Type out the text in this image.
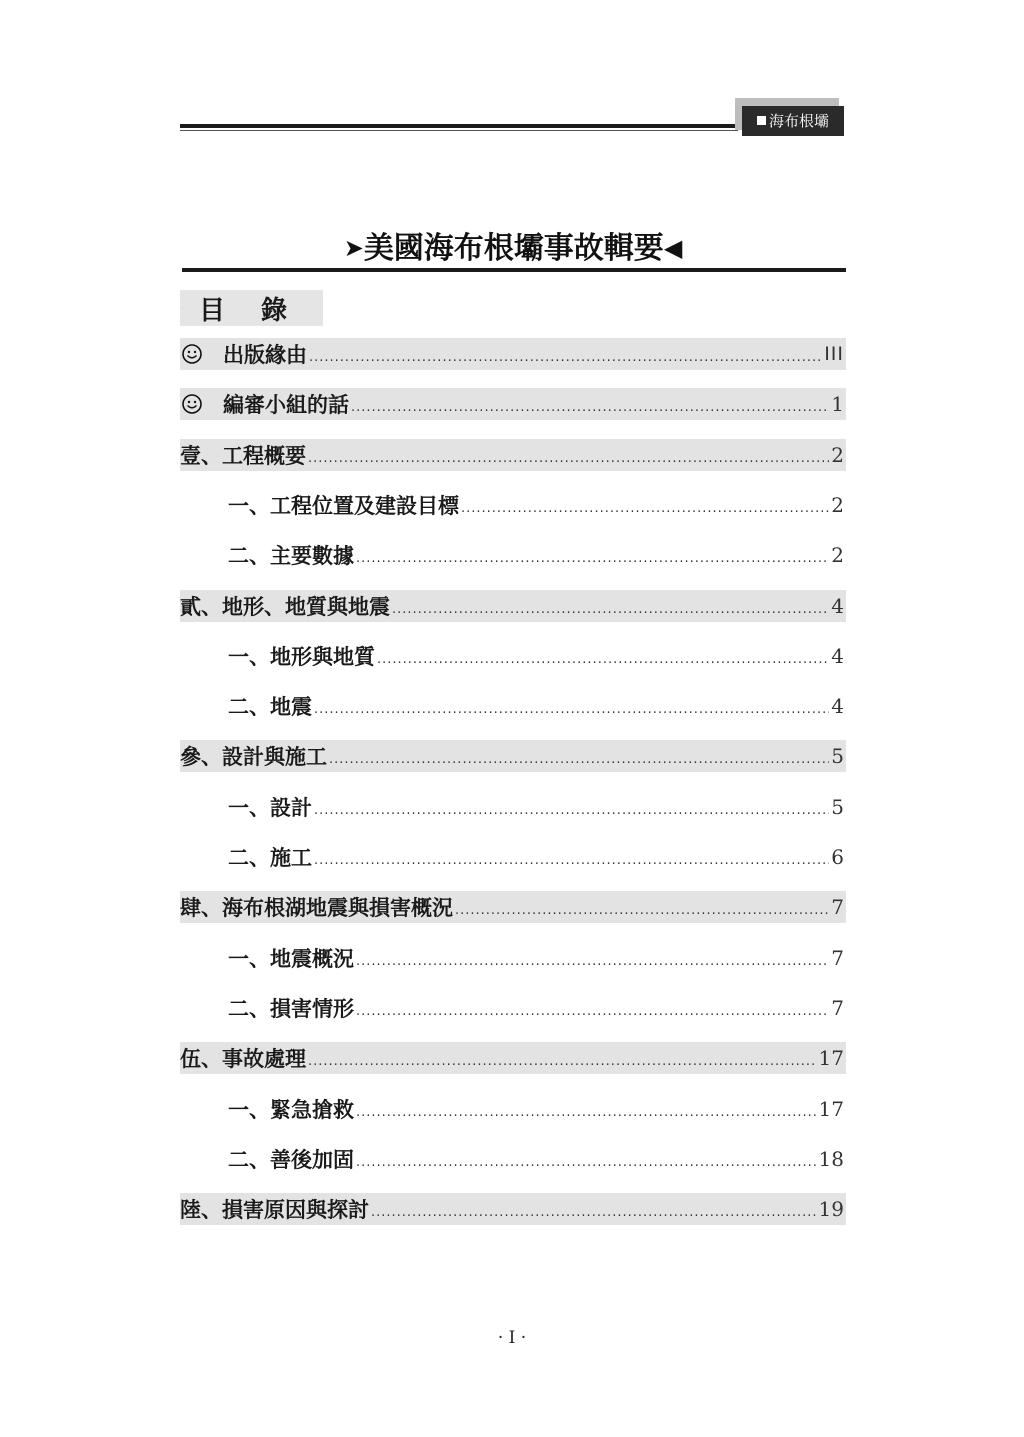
海布根壩
➤美國海布根壩事故輯要◀
目錄
出版緣由 .....	III
編審小組的話 .....	1
壹、工程概要 .....	2
一、工程位置及建設目標 .....	2
二、主要數據 .....	2
貳、地形、地質與地震 .....	4
一、地形與地質 .....	4
二、地震 .....	4
參、設計與施工 .....	5
一、設計 .....	5
二、施工 .....	6
肆、海布根湖地震與損害概況 .....	7
一、地震概況 .....	7
二、損害情形 .....	7
伍、事故處理 .....	17
一、緊急搶救 .....	17
二、善後加固 .....	18
陸、損害原因與探討 .....	19
· I ·
